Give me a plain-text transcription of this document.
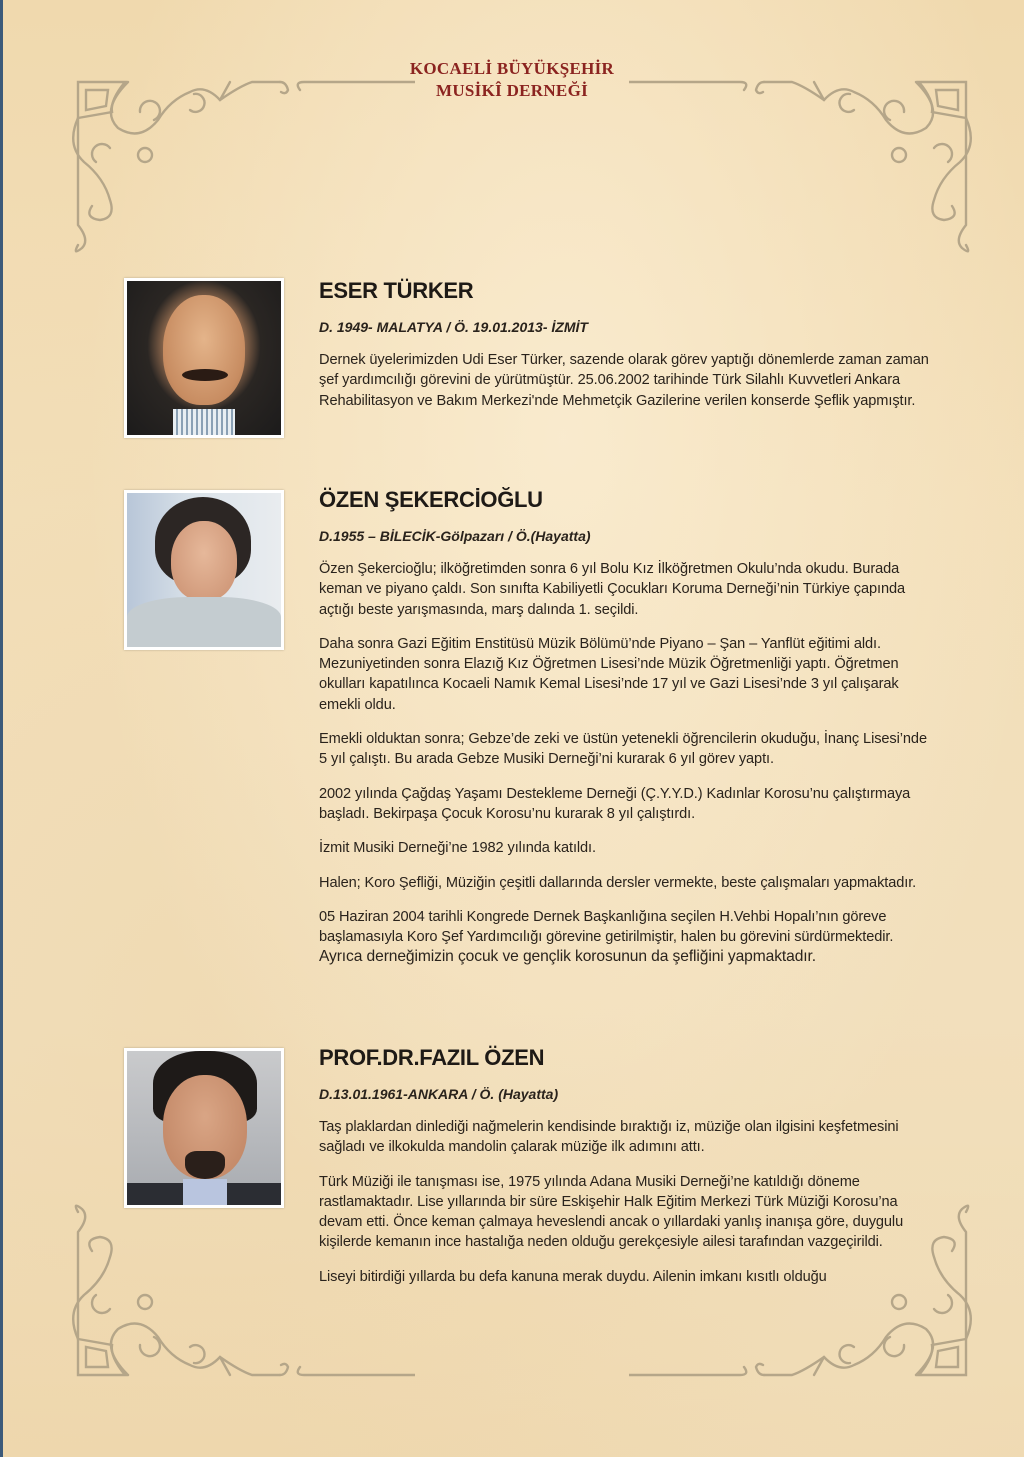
KOCAELİ BÜYÜKŞEHİR
MUSİKÎ DERNEĞİ
ESER TÜRKER
D. 1949- MALATYA / Ö. 19.01.2013- İZMİT

Dernek üyelerimizden Udi Eser Türker, sazende olarak görev yaptığı dönemlerde zaman zaman şef yardımcılığı görevini de yürütmüştür. 25.06.2002 tarihinde Türk Silahlı Kuvvetleri Ankara Rehabilitasyon ve Bakım Merkezi'nde Mehmetçik Gazilerine verilen konserde Şeflik yapmıştır.

ÖZEN ŞEKERCİOĞLU
D.1955 – BİLECİK-Gölpazarı / Ö.(Hayatta)

Özen Şekercioğlu; ilköğretimden sonra 6 yıl Bolu Kız İlköğretmen Okulu’nda okudu. Burada keman ve piyano çaldı. Son sınıfta Kabiliyetli Çocukları Koruma Derneği’nin Türkiye çapında açtığı beste yarışmasında, marş dalında 1. seçildi.

Daha sonra Gazi Eğitim Enstitüsü Müzik Bölümü’nde Piyano – Şan – Yanflüt eğitimi aldı. Mezuniyetinden sonra Elazığ Kız Öğretmen Lisesi’nde Müzik Öğretmenliği yaptı. Öğretmen okulları kapatılınca Kocaeli Namık Kemal Lisesi’nde 17 yıl ve Gazi Lisesi’nde 3 yıl çalışarak emekli oldu.

Emekli olduktan sonra; Gebze’de zeki ve üstün yetenekli öğrencilerin okuduğu, İnanç Lisesi’nde 5 yıl çalıştı. Bu arada Gebze Musiki Derneği’ni kurarak 6 yıl görev yaptı.

2002 yılında Çağdaş Yaşamı Destekleme Derneği (Ç.Y.Y.D.) Kadınlar Korosu’nu çalıştırmaya başladı. Bekirpaşa Çocuk Korosu’nu kurarak 8 yıl çalıştırdı.

İzmit Musiki Derneği’ne 1982 yılında katıldı.

Halen; Koro Şefliği, Müziğin çeşitli dallarında dersler vermekte, beste çalışmaları yapmaktadır.

05 Haziran 2004 tarihli Kongrede Dernek Başkanlığına seçilen H.Vehbi Hopalı’nın göreve başlamasıyla Koro Şef Yardımcılığı görevine getirilmiştir, halen bu görevini sürdürmektedir.

Ayrıca derneğimizin çocuk ve gençlik korosunun da şefliğini yapmaktadır.

PROF.DR.FAZIL ÖZEN
D.13.01.1961-ANKARA / Ö. (Hayatta)

Taş plaklardan dinlediği nağmelerin kendisinde bıraktığı iz, müziğe olan ilgisini keşfetmesini sağladı ve ilkokulda mandolin çalarak müziğe ilk adımını attı.

Türk Müziği ile tanışması ise, 1975 yılında Adana Musiki Derneği’ne katıldığı döneme rastlamaktadır. Lise yıllarında bir süre Eskişehir Halk Eğitim Merkezi Türk Müziği Korosu’na devam etti. Önce keman çalmaya heveslendi ancak o yıllardaki yanlış inanışa göre, duygulu kişilerde kemanın ince hastalığa neden olduğu gerekçesiyle ailesi tarafından vazgeçirildi.

Liseyi bitirdiği yıllarda bu defa kanuna merak duydu. Ailenin imkanı kısıtlı olduğu
